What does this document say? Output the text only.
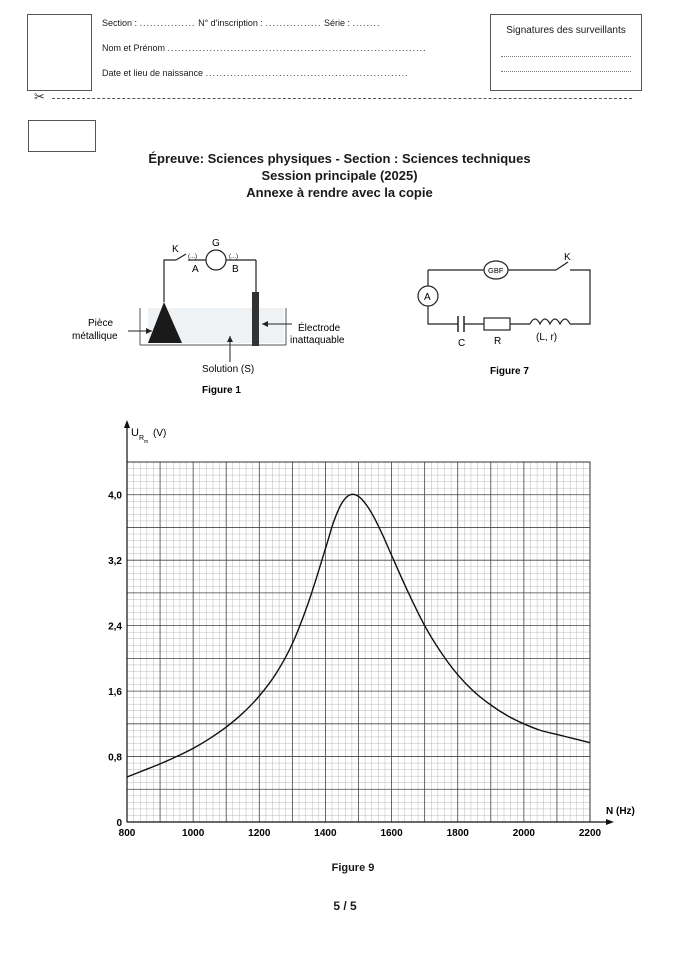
Section : ................ N° d'inscription : ................ Série : ........
Nom et Prénom ..........................................................................
Date et lieu de naissance ..........................................................
Signatures des surveillants
✂
Épreuve: Sciences physiques - Section : Sciences techniques
Session principale (2025)
Annexe à rendre avec la copie
K
G
(...)	(...)
A	B
Pièce
métallique
Électrode
inattaquable
Solution (S)
Figure 1
GBF
A
K
C	R	(L, r)
Figure 7
800	1000	1200	1400	1600	1800	2000	2200
0
0,8
1,6
2,4
3,2
4,0
U R m
(V)
N (Hz)
Figure 9
5 / 5
